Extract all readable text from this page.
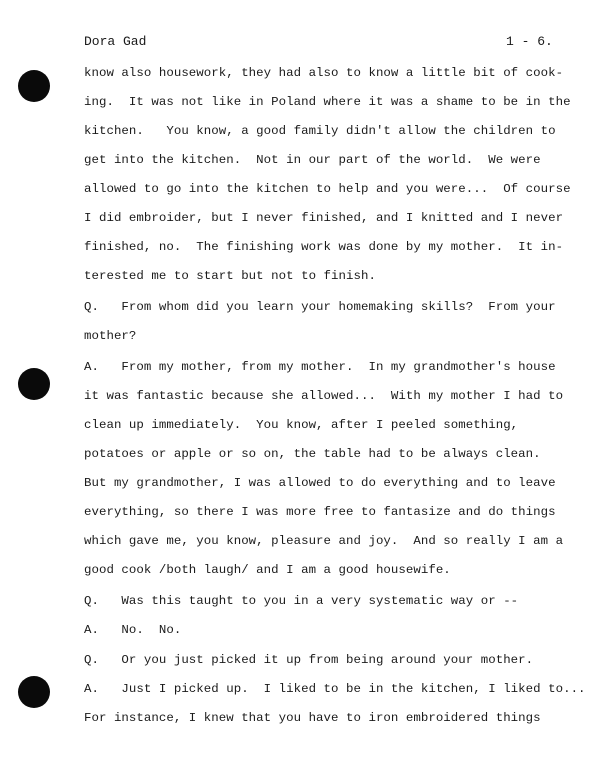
Dora Gad	1 - 6.
know also housework, they had also to know a little bit of cook-
ing.  It was not like in Poland where it was a shame to be in the
kitchen.   You know, a good family didn't allow the children to
get into the kitchen.  Not in our part of the world.  We were
allowed to go into the kitchen to help and you were...  Of course
I did embroider, but I never finished, and I knitted and I never
finished, no.  The finishing work was done by my mother.  It in-
terested me to start but not to finish.
Q.   From whom did you learn your homemaking skills?  From your
mother?
A.   From my mother, from my mother.  In my grandmother's house
it was fantastic because she allowed...  With my mother I had to
clean up immediately.  You know, after I peeled something,
potatoes or apple or so on, the table had to be always clean.
But my grandmother, I was allowed to do everything and to leave
everything, so there I was more free to fantasize and do things
which gave me, you know, pleasure and joy.  And so really I am a
good cook /both laugh/ and I am a good housewife.
Q.   Was this taught to you in a very systematic way or --
A.   No.  No.
Q.   Or you just picked it up from being around your mother.
A.   Just I picked up.  I liked to be in the kitchen, I liked to...
For instance, I knew that you have to iron embroidered things
